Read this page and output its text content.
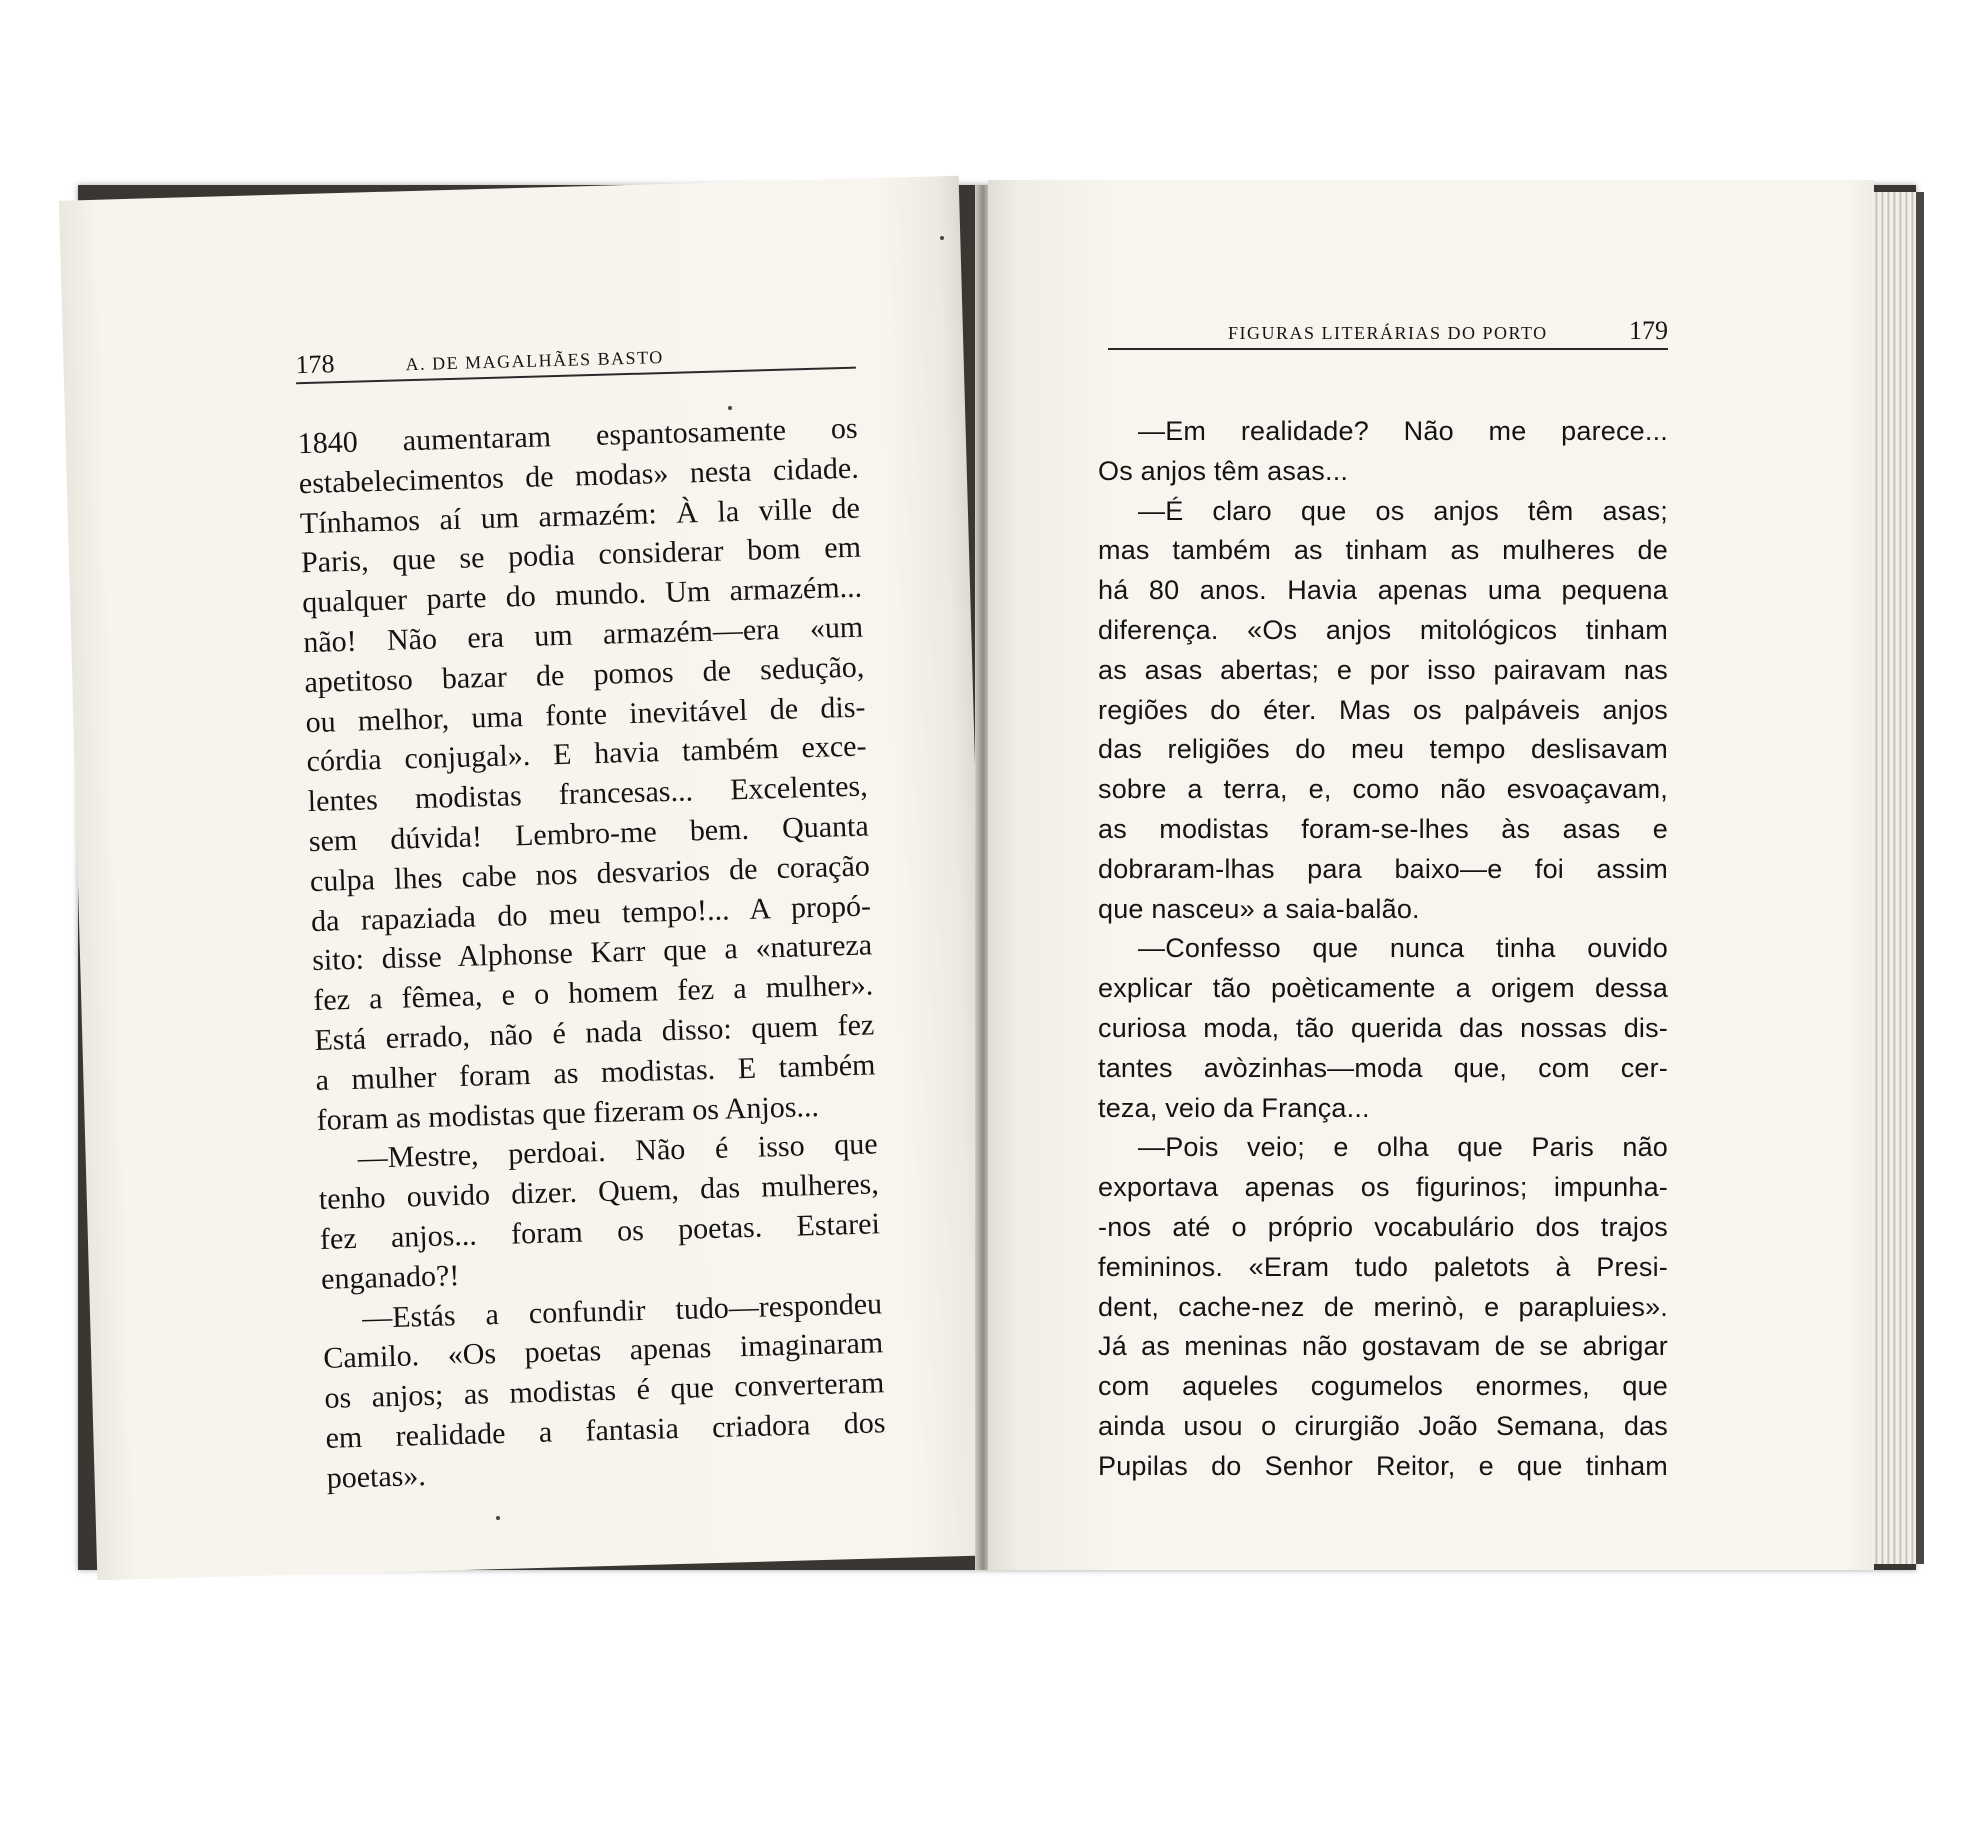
178	A. DE MAGALHÃES BASTO
1840 aumentaram espantosamente os
estabelecimentos de modas» nesta cidade.
Tínhamos aí um armazém: À la ville de
Paris, que se podia considerar bom em
qualquer parte do mundo. Um armazém...
não! Não era um armazém—era «um
apetitoso bazar de pomos de sedução,
ou melhor, uma fonte inevitável de dis-
córdia conjugal». E havia também exce-
lentes modistas francesas... Excelentes,
sem dúvida! Lembro-me bem. Quanta
culpa lhes cabe nos desvarios de coração
da rapaziada do meu tempo!... A propó-
sito: disse Alphonse Karr que a «natureza
fez a fêmea, e o homem fez a mulher».
Está errado, não é nada disso: quem fez
a mulher foram as modistas. E também
foram as modistas que fizeram os Anjos...
—Mestre, perdoai. Não é isso que
tenho ouvido dizer. Quem, das mulheres,
fez anjos... foram os poetas. Estarei
enganado?!
—Estás a confundir tudo—respondeu
Camilo. «Os poetas apenas imaginaram
os anjos; as modistas é que converteram
em realidade a fantasia criadora dos
poetas».
FIGURAS LITERÁRIAS DO PORTO	179
—Em realidade? Não me parece...
Os anjos têm asas...
—É claro que os anjos têm asas;
mas também as tinham as mulheres de
há 80 anos. Havia apenas uma pequena
diferença. «Os anjos mitológicos tinham
as asas abertas; e por isso pairavam nas
regiões do éter. Mas os palpáveis anjos
das religiões do meu tempo deslisavam
sobre a terra, e, como não esvoaçavam,
as modistas foram-se-lhes às asas e
dobraram-lhas para baixo—e foi assim
que nasceu» a saia-balão.
—Confesso que nunca tinha ouvido
explicar tão poèticamente a origem dessa
curiosa moda, tão querida das nossas dis-
tantes avòzinhas—moda que, com cer-
teza, veio da França...
—Pois veio; e olha que Paris não
exportava apenas os figurinos; impunha-
-nos até o próprio vocabulário dos trajos
femininos. «Eram tudo paletots à Presi-
dent, cache-nez de merinò, e parapluies».
Já as meninas não gostavam de se abrigar
com aqueles cogumelos enormes, que
ainda usou o cirurgião João Semana, das
Pupilas do Senhor Reitor, e que tinham
